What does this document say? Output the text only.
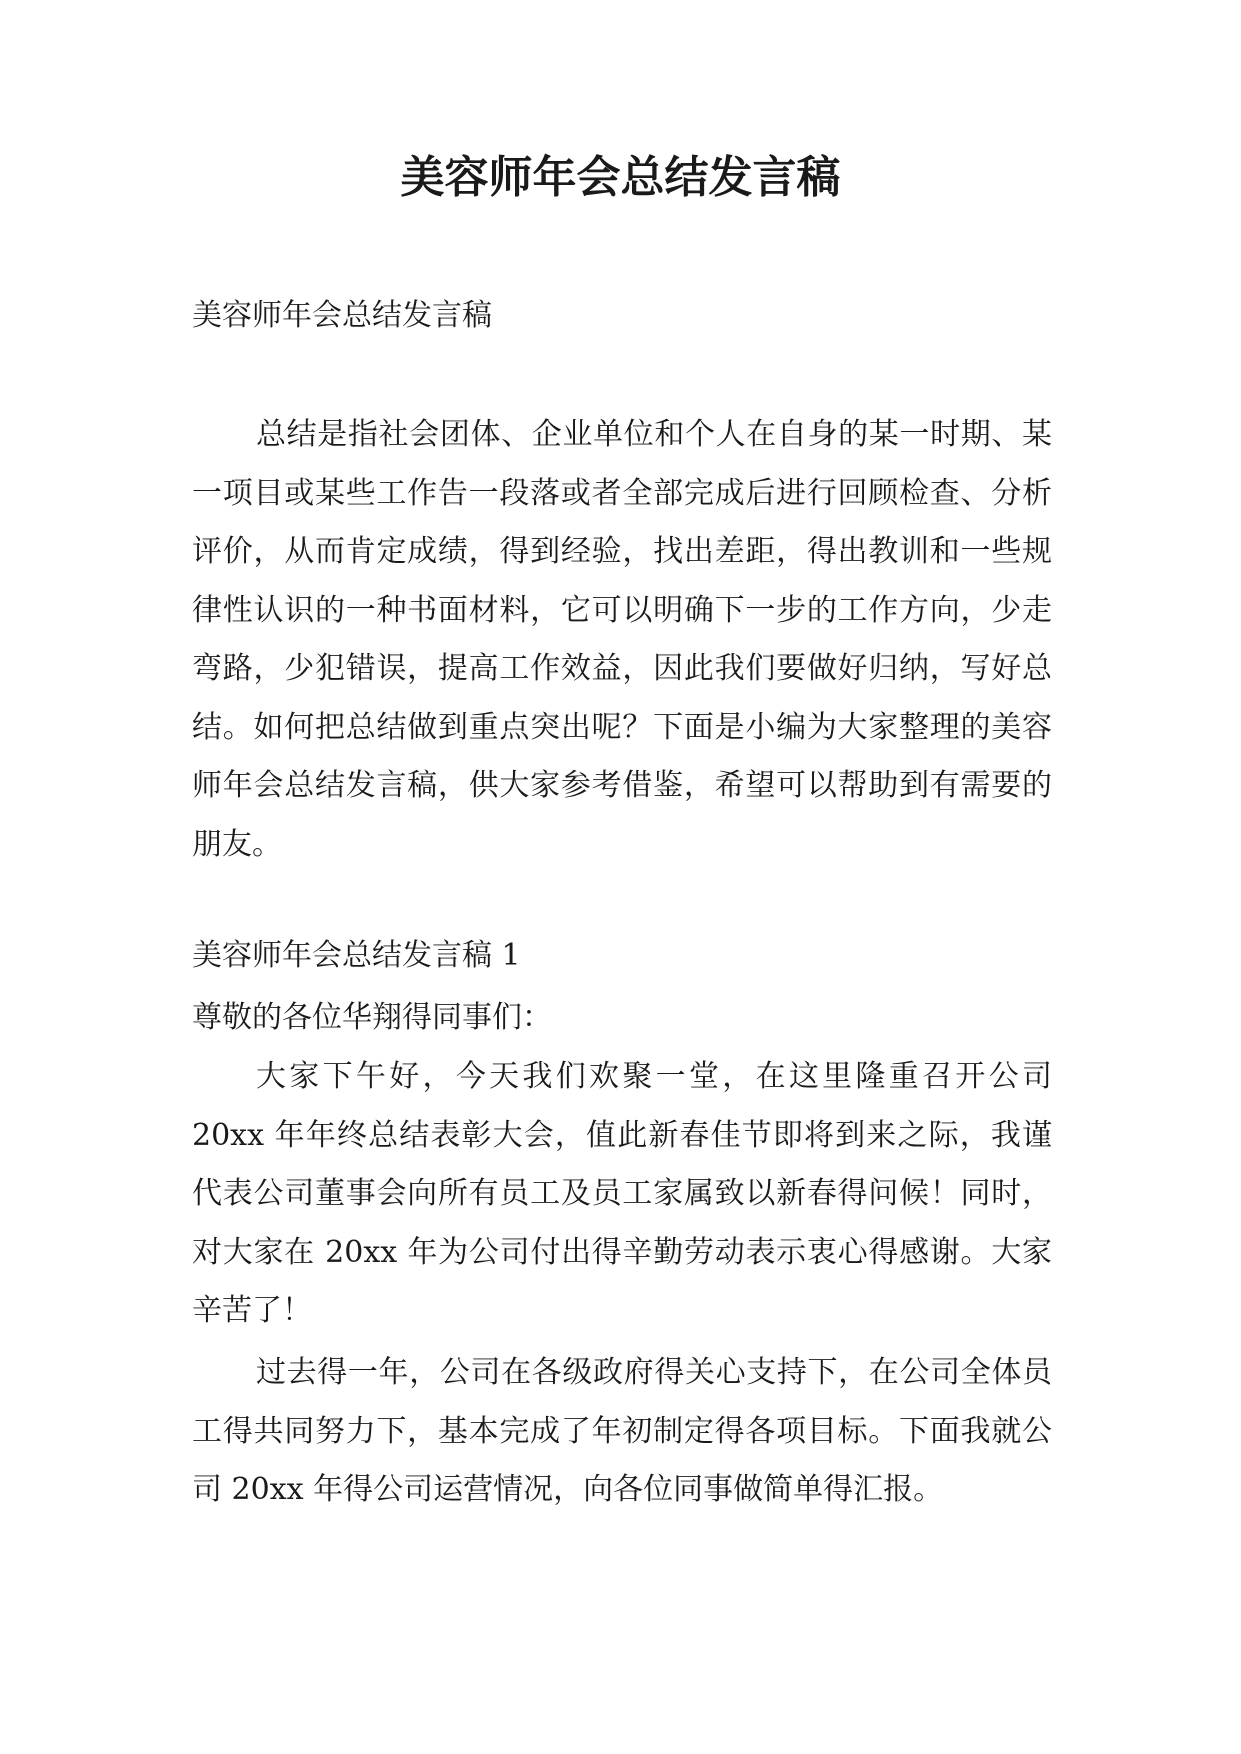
美容师年会总结发言稿

美容师年会总结发言稿

总结是指社会团体、企业单位和个人在自身的某一时期、某一项目或某些工作告一段落或者全部完成后进行回顾检查、分析评价，从而肯定成绩，得到经验，找出差距，得出教训和一些规律性认识的一种书面材料，它可以明确下一步的工作方向，少走弯路，少犯错误，提高工作效益，因此我们要做好归纳，写好总结。如何把总结做到重点突出呢？下面是小编为大家整理的美容师年会总结发言稿，供大家参考借鉴，希望可以帮助到有需要的朋友。

美容师年会总结发言稿 1

尊敬的各位华翔得同事们：

大家下午好，今天我们欢聚一堂，在这里隆重召开公司 20xx 年年终总结表彰大会，值此新春佳节即将到来之际，我谨代表公司董事会向所有员工及员工家属致以新春得问候！同时，对大家在 20xx 年为公司付出得辛勤劳动表示衷心得感谢。大家辛苦了！

过去得一年，公司在各级政府得关心支持下，在公司全体员工得共同努力下，基本完成了年初制定得各项目标。下面我就公司 20xx 年得公司运营情况，向各位同事做简单得汇报。
